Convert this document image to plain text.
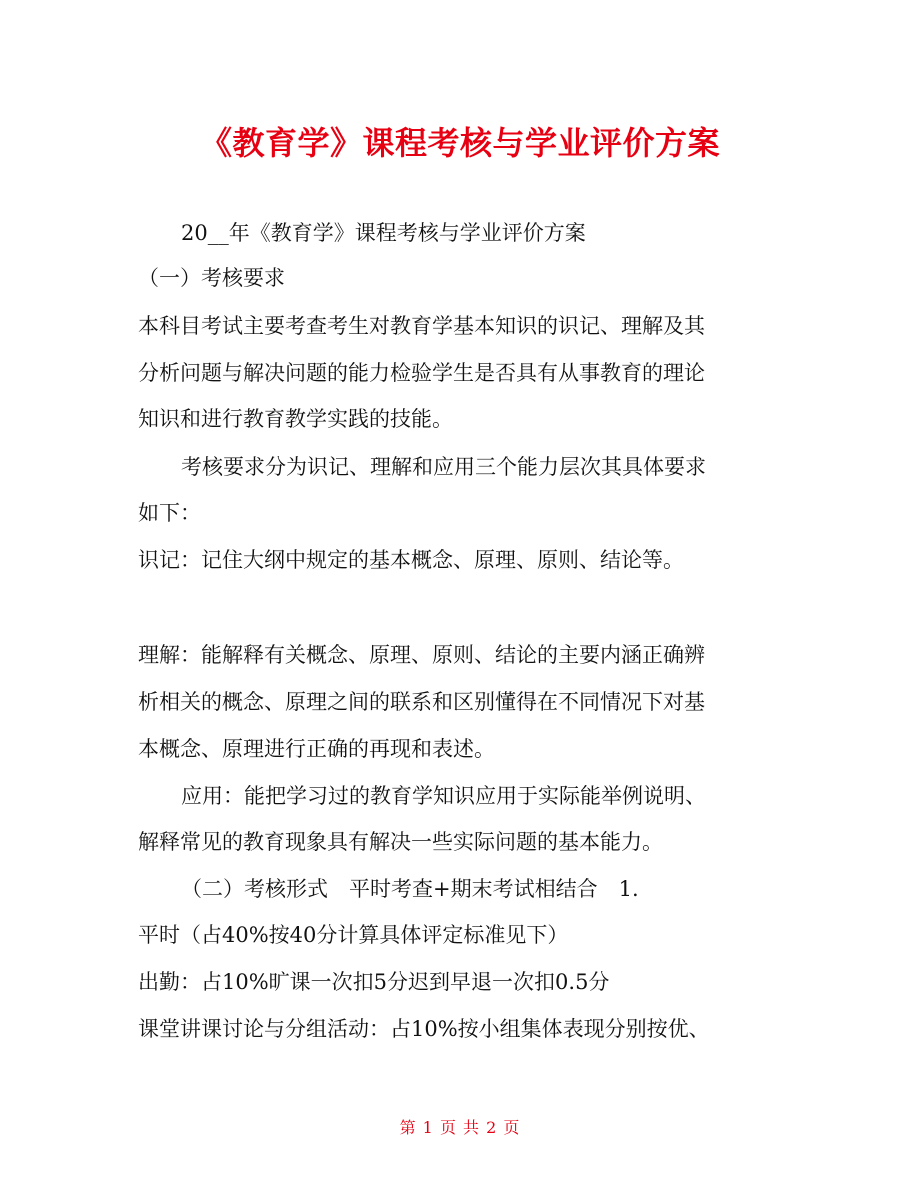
《教育学》课程考核与学业评价方案
20__年《教育学》课程考核与学业评价方案
（一）考核要求
本科目考试主要考查考生对教育学基本知识的识记、理解及其
分析问题与解决问题的能力检验学生是否具有从事教育的理论
知识和进行教育教学实践的技能。
考核要求分为识记、理解和应用三个能力层次其具体要求
如下：
识记：记住大纲中规定的基本概念、原理、原则、结论等。
理解：能解释有关概念、原理、原则、结论的主要内涵正确辨
析相关的概念、原理之间的联系和区别懂得在不同情况下对基
本概念、原理进行正确的再现和表述。
应用：能把学习过的教育学知识应用于实际能举例说明、
解释常见的教育现象具有解决一些实际问题的基本能力。
（二）考核形式　平时考查+期末考试相结合　1.
平时（占40%按40分计算具体评定标准见下）
出勤：占10%旷课一次扣5分迟到早退一次扣0.5分
课堂讲课讨论与分组活动：占10%按小组集体表现分别按优、
第 1 页 共 2 页
